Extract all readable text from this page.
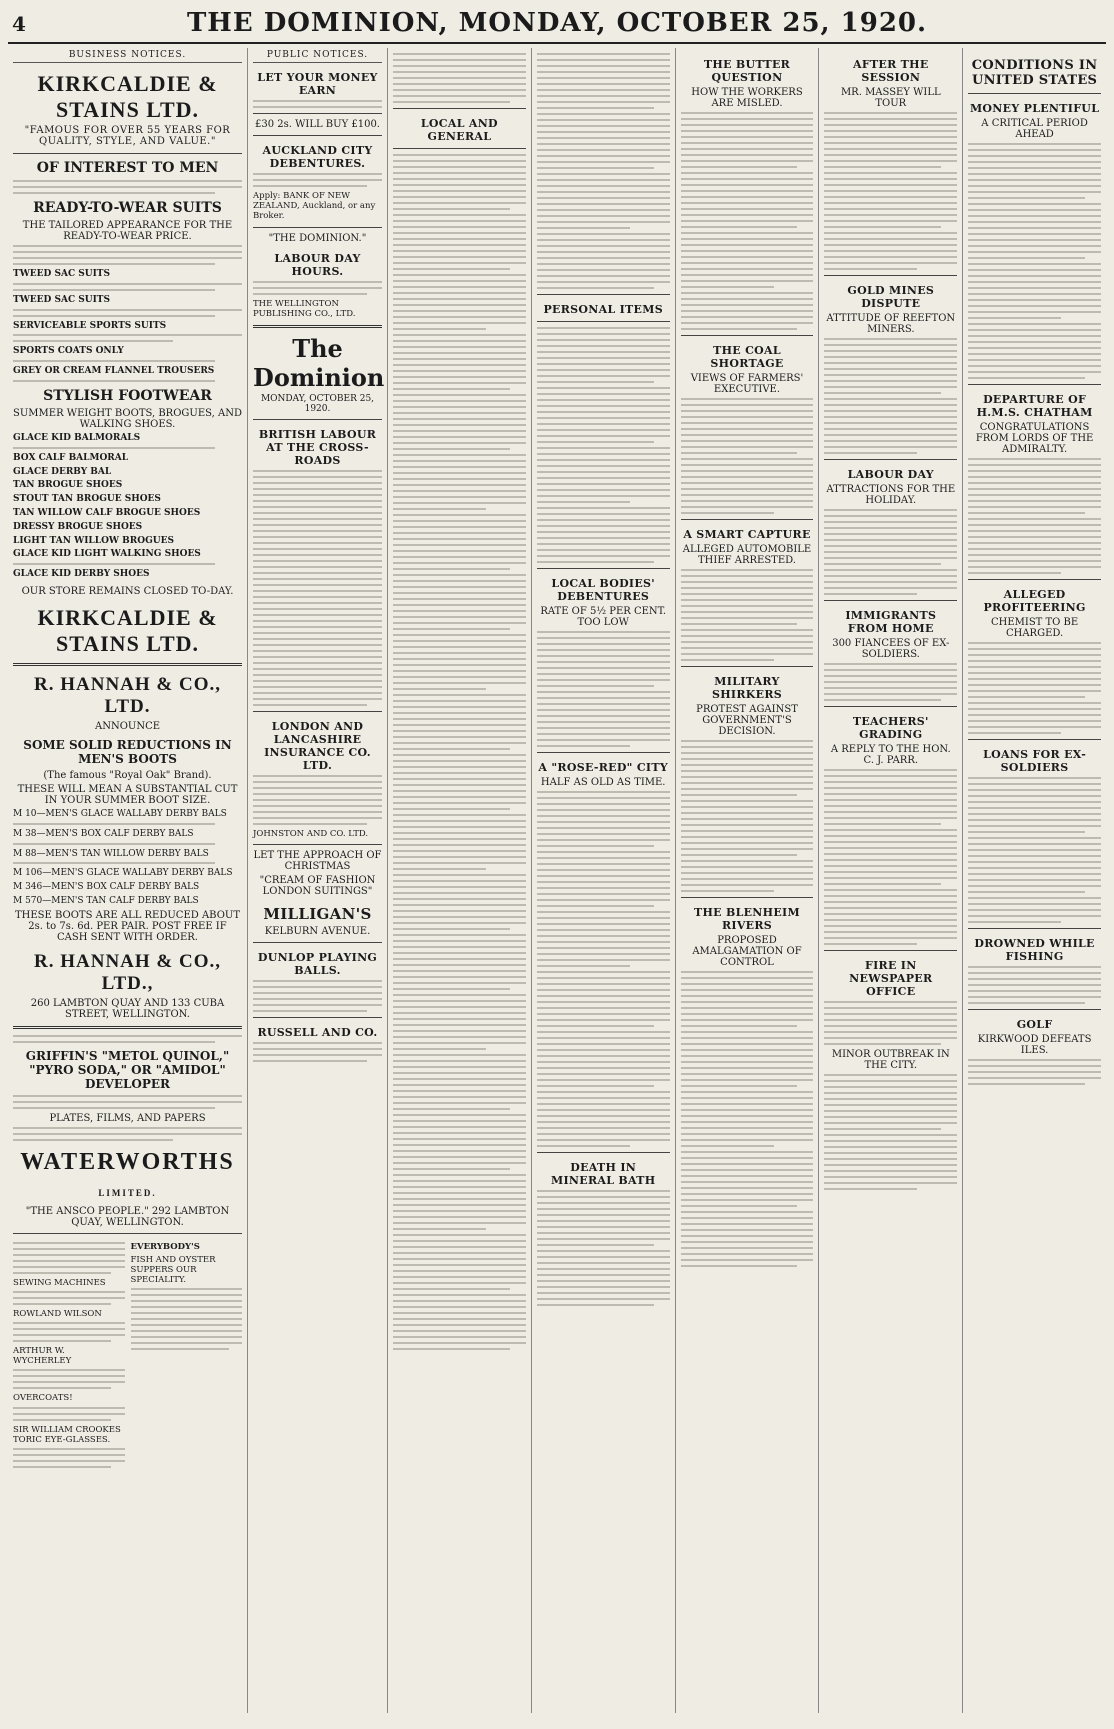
4	THE DOMINION, MONDAY, OCTOBER 25, 1920.
BUSINESS NOTICES.
KIRKCALDIE & STAINS LTD.
"FAMOUS FOR OVER 55 YEARS FOR QUALITY, STYLE, AND VALUE."
OF INTEREST TO MEN
READY-TO-WEAR SUITS
THE TAILORED APPEARANCE FOR THE READY-TO-WEAR PRICE.
TWEED SAC SUITS
TWEED SAC SUITS
SERVICEABLE SPORTS SUITS
SPORTS COATS ONLY
GREY OR CREAM FLANNEL TROUSERS
STYLISH FOOTWEAR
SUMMER WEIGHT BOOTS, BROGUES, AND WALKING SHOES.
GLACE KID BALMORALS
BOX CALF BALMORAL
GLACE DERBY BAL
TAN BROGUE SHOES
STOUT TAN BROGUE SHOES
TAN WILLOW CALF BROGUE SHOES
DRESSY BROGUE SHOES
LIGHT TAN WILLOW BROGUES
GLACE KID LIGHT WALKING SHOES
GLACE KID DERBY SHOES
OUR STORE REMAINS CLOSED TO-DAY.
KIRKCALDIE & STAINS LTD.
R. HANNAH & CO., LTD.
ANNOUNCE
SOME SOLID REDUCTIONS IN MEN'S BOOTS
(The famous "Royal Oak" Brand).
THESE WILL MEAN A SUBSTANTIAL CUT IN YOUR SUMMER BOOT SIZE.
M 10—MEN'S GLACE WALLABY DERBY BALS
M 38—MEN'S BOX CALF DERBY BALS
M 88—MEN'S TAN WILLOW DERBY BALS
M 106—MEN'S GLACE WALLABY DERBY BALS
M 346—MEN'S BOX CALF DERBY BALS
M 570—MEN'S TAN CALF DERBY BALS
THESE BOOTS ARE ALL REDUCED ABOUT 2s. to 7s. 6d. PER PAIR. POST FREE IF CASH SENT WITH ORDER.
R. HANNAH & CO., LTD.,
260 LAMBTON QUAY AND 133 CUBA STREET, WELLINGTON.
GRIFFIN'S "METOL QUINOL," "PYRO SODA," OR "AMIDOL" DEVELOPER
PLATES, FILMS, AND PAPERS
WATERWORTHS LIMITED.
"THE ANSCO PEOPLE." 292 LAMBTON QUAY, WELLINGTON.
SEWING MACHINES
ROWLAND WILSON
ARTHUR W. WYCHERLEY
OVERCOATS!
SIR WILLIAM CROOKES TORIC EYE-GLASSES.
EVERYBODY'S
FISH AND OYSTER SUPPERS OUR SPECIALITY.
PUBLIC NOTICES.
LET YOUR MONEY EARN
£30 2s. WILL BUY £100.
AUCKLAND CITY DEBENTURES.
Apply: BANK OF NEW ZEALAND, Auckland, or any Broker.
"THE DOMINION."
LABOUR DAY HOURS.
THE WELLINGTON PUBLISHING CO., LTD.
The Dominion
MONDAY, OCTOBER 25, 1920.
BRITISH LABOUR AT THE CROSS-ROADS
LONDON AND LANCASHIRE INSURANCE CO. LTD.
JOHNSTON AND CO. LTD.
LET THE APPROACH OF CHRISTMAS
"CREAM OF FASHION LONDON SUITINGS"
MILLIGAN'S
KELBURN AVENUE.
DUNLOP PLAYING BALLS.
RUSSELL AND CO.
LOCAL AND GENERAL
PERSONAL ITEMS
LOCAL BODIES' DEBENTURES
RATE OF 5½ PER CENT. TOO LOW
A "ROSE-RED" CITY
HALF AS OLD AS TIME.
DEATH IN MINERAL BATH
THE BUTTER QUESTION
HOW THE WORKERS ARE MISLED.
THE COAL SHORTAGE
VIEWS OF FARMERS' EXECUTIVE.
A SMART CAPTURE
ALLEGED AUTOMOBILE THIEF ARRESTED.
MILITARY SHIRKERS
PROTEST AGAINST GOVERNMENT'S DECISION.
THE BLENHEIM RIVERS
PROPOSED AMALGAMATION OF CONTROL
AFTER THE SESSION
MR. MASSEY WILL TOUR
GOLD MINES DISPUTE
ATTITUDE OF REEFTON MINERS.
LABOUR DAY
ATTRACTIONS FOR THE HOLIDAY.
IMMIGRANTS FROM HOME
300 FIANCEES OF EX-SOLDIERS.
TEACHERS' GRADING
A REPLY TO THE HON. C. J. PARR.
FIRE IN NEWSPAPER OFFICE
MINOR OUTBREAK IN THE CITY.
CONDITIONS IN UNITED STATES
MONEY PLENTIFUL
A CRITICAL PERIOD AHEAD
DEPARTURE OF H.M.S. CHATHAM
CONGRATULATIONS FROM LORDS OF THE ADMIRALTY.
ALLEGED PROFITEERING
CHEMIST TO BE CHARGED.
LOANS FOR EX-SOLDIERS
DROWNED WHILE FISHING
GOLF
KIRKWOOD DEFEATS ILES.
